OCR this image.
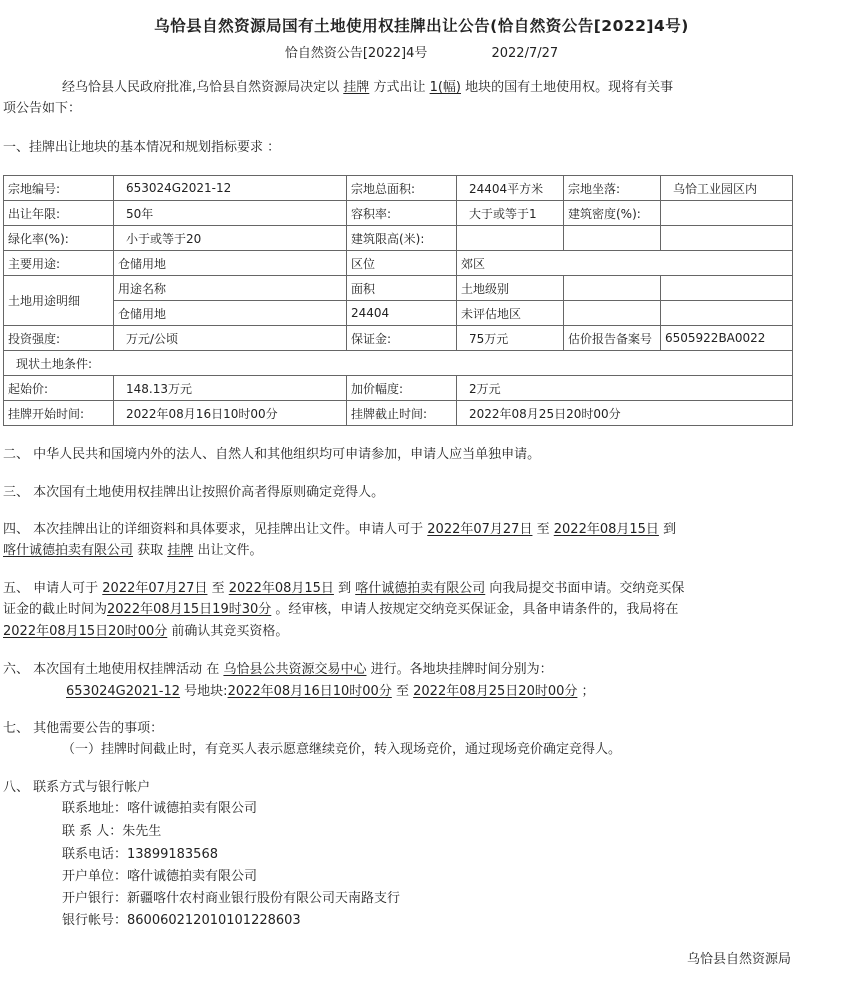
乌恰县自然资源局国有土地使用权挂牌出让公告(恰自然资公告[2022]4号)
恰自然资公告[2022]4号	2022/7/27
经乌恰县人民政府批准,乌恰县自然资源局决定以 挂牌 方式出让 1(幅) 地块的国有土地使用权。现将有关事
项公告如下：
一、挂牌出让地块的基本情况和规划指标要求 ：
宗地编号:	653024G2021-12	宗地总面积:	24404平方米	宗地坐落:	乌恰工业园区内
出让年限:	50年	容积率:	大于或等于1	建筑密度(%):	
绿化率(%):	小于或等于20	建筑限高(米):			
主要用途:	仓储用地	区位	郊区		
土地用途明细	用途名称	面积	土地级别		
	仓储用地	24404	未评估地区		
投资强度:	万元/公顷	保证金:	75万元	估价报告备案号	6505922BA0022
现状土地条件:					
起始价:	148.13万元	加价幅度:	2万元		
挂牌开始时间:	2022年08月16日10时00分	挂牌截止时间:	2022年08月25日20时00分		
二、 中华人民共和国境内外的法人、自然人和其他组织均可申请参加，申请人应当单独申请。
三、 本次国有土地使用权挂牌出让按照价高者得原则确定竞得人。
四、 本次挂牌出让的详细资料和具体要求，见挂牌出让文件。申请人可于 2022年07月27日 至 2022年08月15日 到
喀什诚德拍卖有限公司 获取 挂牌 出让文件。
五、 申请人可于 2022年07月27日 至 2022年08月15日 到 喀什诚德拍卖有限公司 向我局提交书面申请。交纳竞买保
证金的截止时间为2022年08月15日19时30分 。经审核，申请人按规定交纳竞买保证金，具备申请条件的，我局将在
2022年08月15日20时00分 前确认其竞买资格。
六、 本次国有土地使用权挂牌活动 在 乌恰县公共资源交易中心 进行。各地块挂牌时间分别为：
653024G2021-12 号地块:2022年08月16日10时00分 至 2022年08月25日20时00分 ；
七、 其他需要公告的事项：
（一）挂牌时间截止时，有竞买人表示愿意继续竞价，转入现场竞价，通过现场竞价确定竞得人。
八、 联系方式与银行帐户
联系地址：喀什诚德拍卖有限公司
联 系 人：朱先生
联系电话：13899183568
开户单位：喀什诚德拍卖有限公司
开户银行：新疆喀什农村商业银行股份有限公司天南路支行
银行帐号：860060212010101228603
乌恰县自然资源局
